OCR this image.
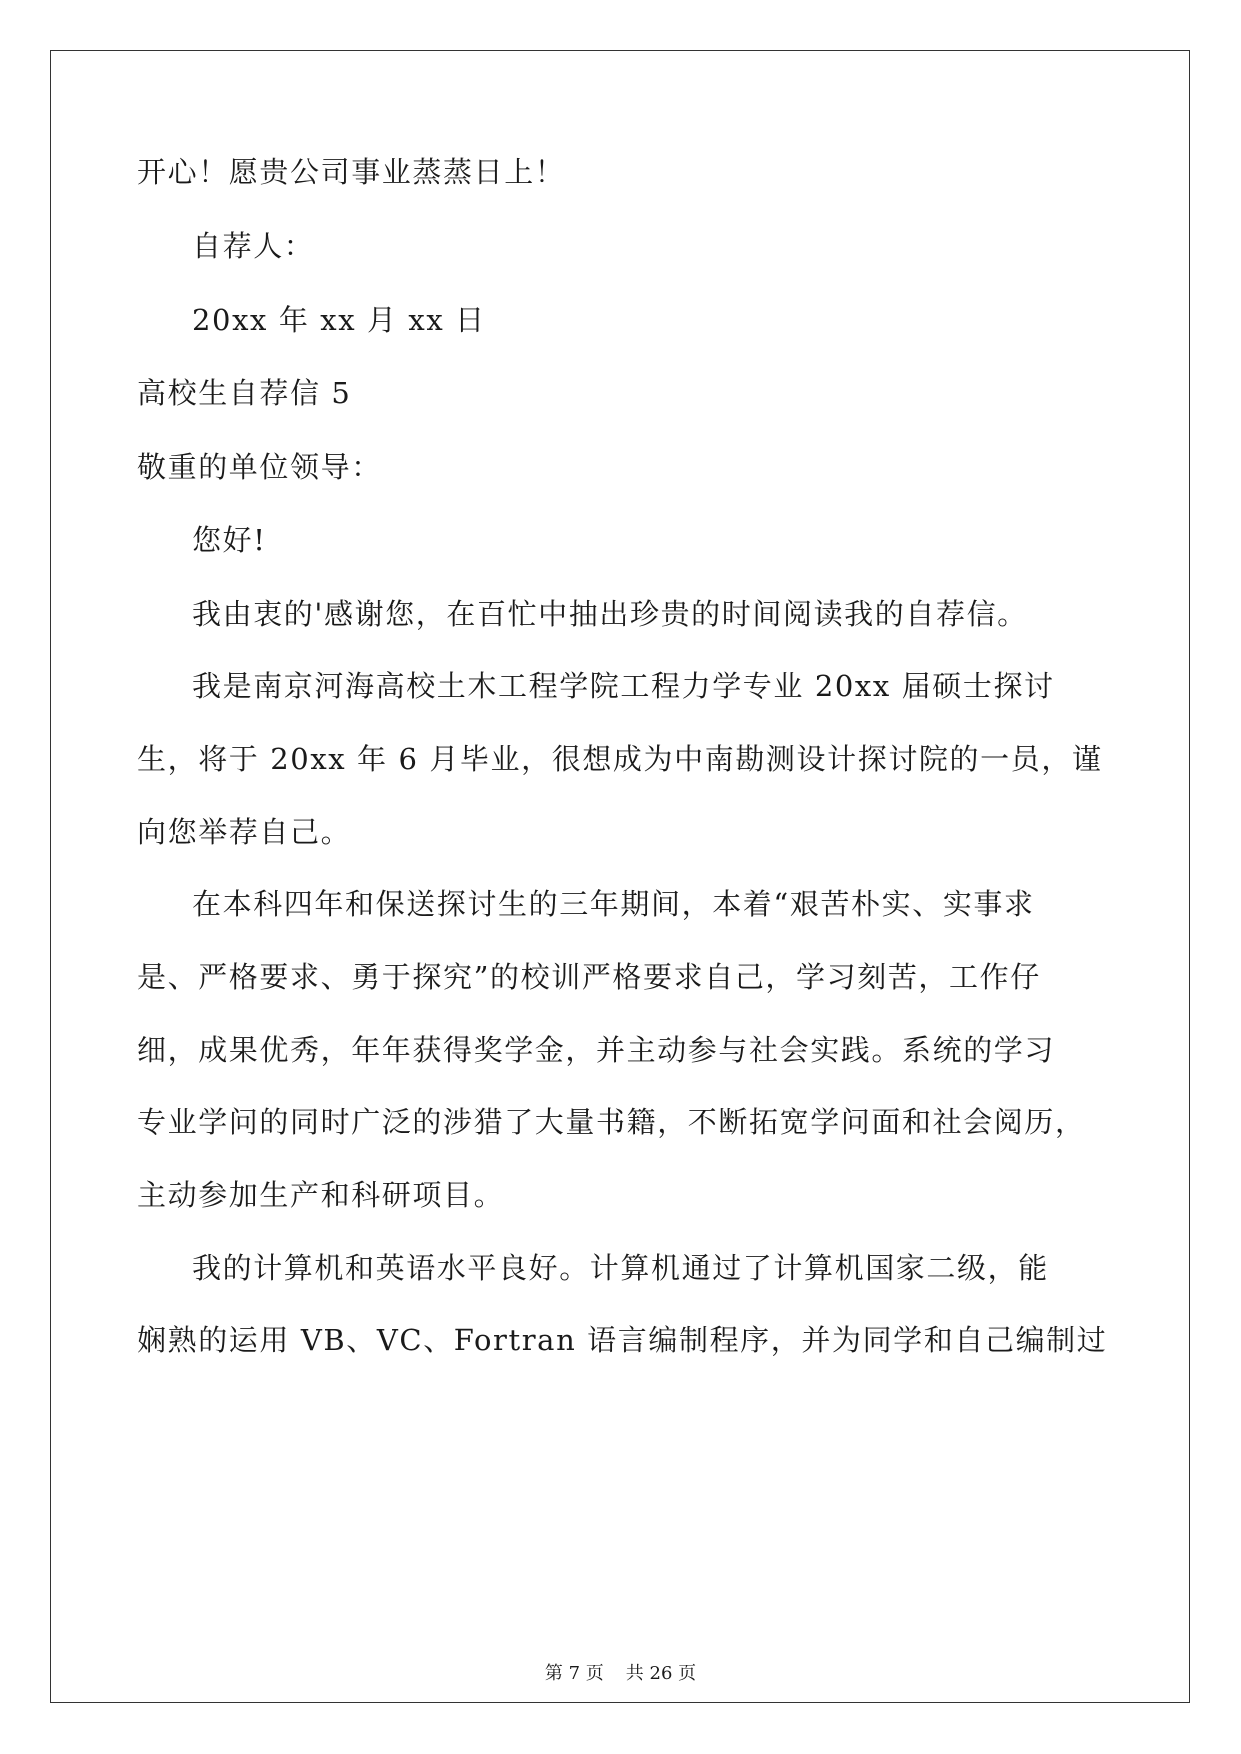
开心！愿贵公司事业蒸蒸日上！
自荐人：
20xx 年 xx 月 xx 日
高校生自荐信 5
敬重的单位领导：
您好!
我由衷的'感谢您，在百忙中抽出珍贵的时间阅读我的自荐信。
我是南京河海高校土木工程学院工程力学专业 20xx 届硕士探讨
生，将于 20xx 年 6 月毕业，很想成为中南勘测设计探讨院的一员，谨
向您举荐自己。
在本科四年和保送探讨生的三年期间，本着“艰苦朴实、实事求
是、严格要求、勇于探究”的校训严格要求自己，学习刻苦，工作仔
细，成果优秀，年年获得奖学金，并主动参与社会实践。系统的学习
专业学问的同时广泛的涉猎了大量书籍，不断拓宽学问面和社会阅历，
主动参加生产和科研项目。
我的计算机和英语水平良好。计算机通过了计算机国家二级，能
娴熟的运用 VB、VC、Fortran 语言编制程序，并为同学和自己编制过
第 7 页 共 26 页
